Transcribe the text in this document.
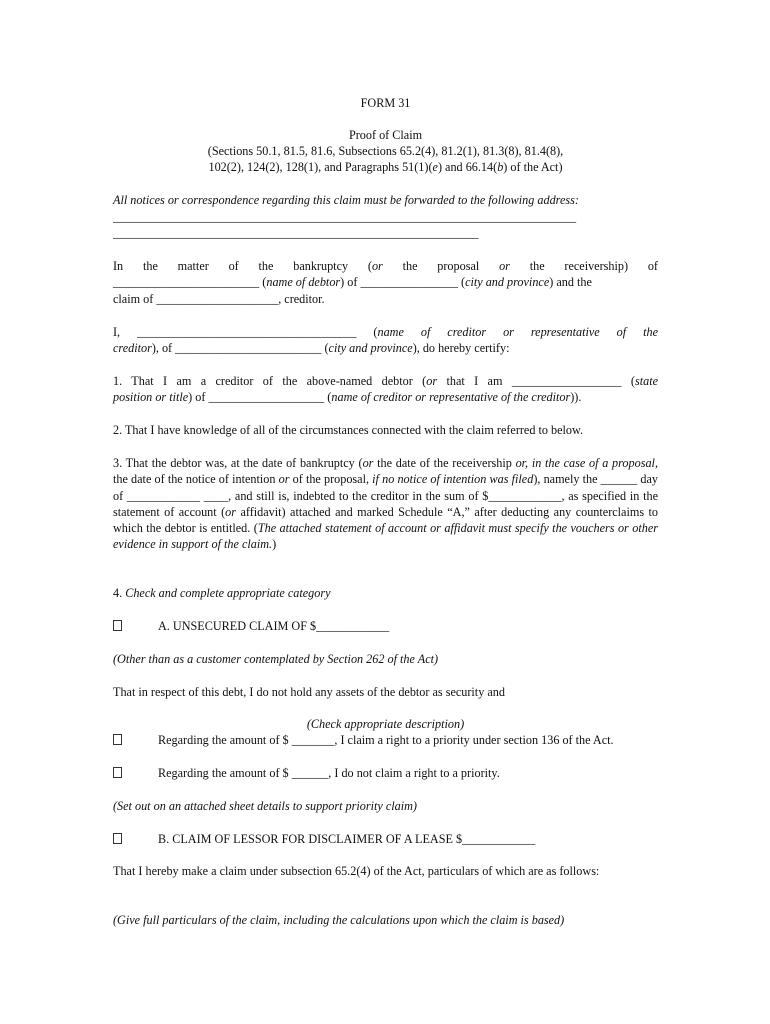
FORM 31
Proof of Claim
(Sections 50.1, 81.5, 81.6, Subsections 65.2(4), 81.2(1), 81.3(8), 81.4(8),
102(2), 124(2), 128(1), and Paragraphs 51(1)(e) and 66.14(b) of the Act)
All notices or correspondence regarding this claim must be forwarded to the following address:
____________________________________________________________________________
____________________________________________________________
In the matter of the bankruptcy (or the proposal or the receivership) of
________________________ (name of debtor) of ________________ (city and province) and the
claim of ____________________, creditor.
I, ____________________________________ (name of creditor or representative of the
creditor), of ________________________ (city and province), do hereby certify:
1. That I am a creditor of the above-named debtor (or that I am __________________ (state
position or title) of ___________________ (name of creditor or representative of the creditor)).
2. That I have knowledge of all of the circumstances connected with the claim referred to below.
3. That the debtor was, at the date of bankruptcy (or the date of the receivership or, in the case of a proposal, the date of the notice of intention or of the proposal, if no notice of intention was filed), namely the ______ day of ____________ ____, and still is, indebted to the creditor in the sum of $____________, as specified in the statement of account (or affidavit) attached and marked Schedule “A,” after deducting any counterclaims to which the debtor is entitled. (The attached statement of account or affidavit must specify the vouchers or other evidence in support of the claim.)
4. Check and complete appropriate category
A. UNSECURED CLAIM OF $____________
(Other than as a customer contemplated by Section 262 of the Act)
That in respect of this debt, I do not hold any assets of the debtor as security and
(Check appropriate description)
Regarding the amount of $ _______, I claim a right to a priority under section 136 of the Act.
Regarding the amount of $ ______, I do not claim a right to a priority.
(Set out on an attached sheet details to support priority claim)
B. CLAIM OF LESSOR FOR DISCLAIMER OF A LEASE $____________
That I hereby make a claim under subsection 65.2(4) of the Act, particulars of which are as follows:
(Give full particulars of the claim, including the calculations upon which the claim is based)
